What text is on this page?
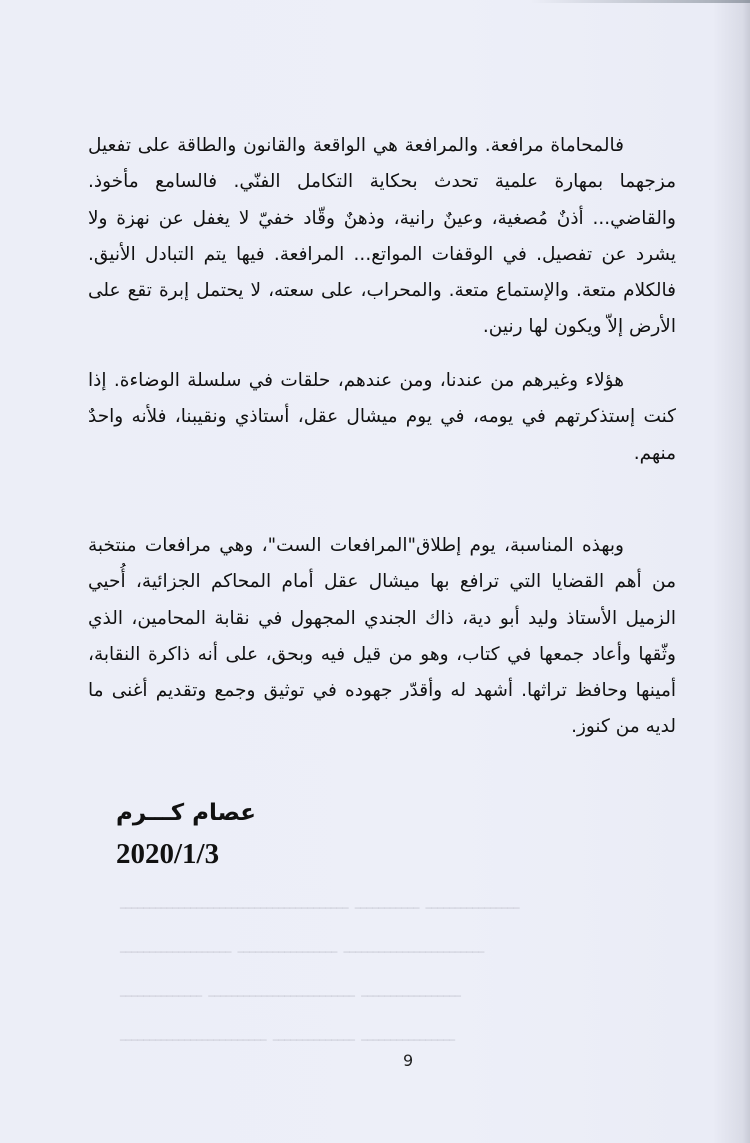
ـــــــــــــــــــــــــــــــــــــــ ـــــــــــ ــــــــــــــــ
ـــــــــــــــــــ ـــــــــــــــــ ــــــــــــــــــــــــ
ــــــــــــــ ـــــــــــــــــــــــــ ـــــــــــــــــ
ـــــــــــــــــــــــــ ــــــــــــــ ــــــــــــــــ

فالمحاماة مرافعة. والمرافعة هي الواقعة والقانون والطاقة على تفعيل مزجهما بمهارة علمية تحدث بحكاية التكامل الفنّي. فالسامع مأخوذ. والقاضي... أذنٌ مُصغية، وعينٌ رانية، وذهنٌ وقّاد خفيّ لا يغفل عن نهزة ولا يشرد عن تفصيل. في الوقفات المواتع... المرافعة. فيها يتم التبادل الأنيق. فالكلام متعة. والإستماع متعة. والمحراب، على سعته، لا يحتمل إبرة تقع على الأرض إلاّ ويكون لها رنين.

هؤلاء وغيرهم من عندنا، ومن عندهم، حلقات في سلسلة الوضاءة. إذا كنت إستذكرتهم في يومه، في يوم ميشال عقل، أستاذي ونقيبنا، فلأنه واحدٌ منهم.

وبهذه المناسبة، يوم إطلاق"المرافعات الست"، وهي مرافعات منتخبة من أهم القضايا التي ترافع بها ميشال عقل أمام المحاكم الجزائية، أُحيي الزميل الأستاذ وليد أبو دية، ذاك الجندي المجهول في نقابة المحامين، الذي وثّقها وأعاد جمعها في كتاب، وهو من قيل فيه وبحق، على أنه ذاكرة النقابة، أمينها وحافظ تراثها. أشهد له وأقدّر جهوده في توثيق وجمع وتقديم أغنى ما لديه من كنوز.

عصام كـــرم
2020/1/3
9
